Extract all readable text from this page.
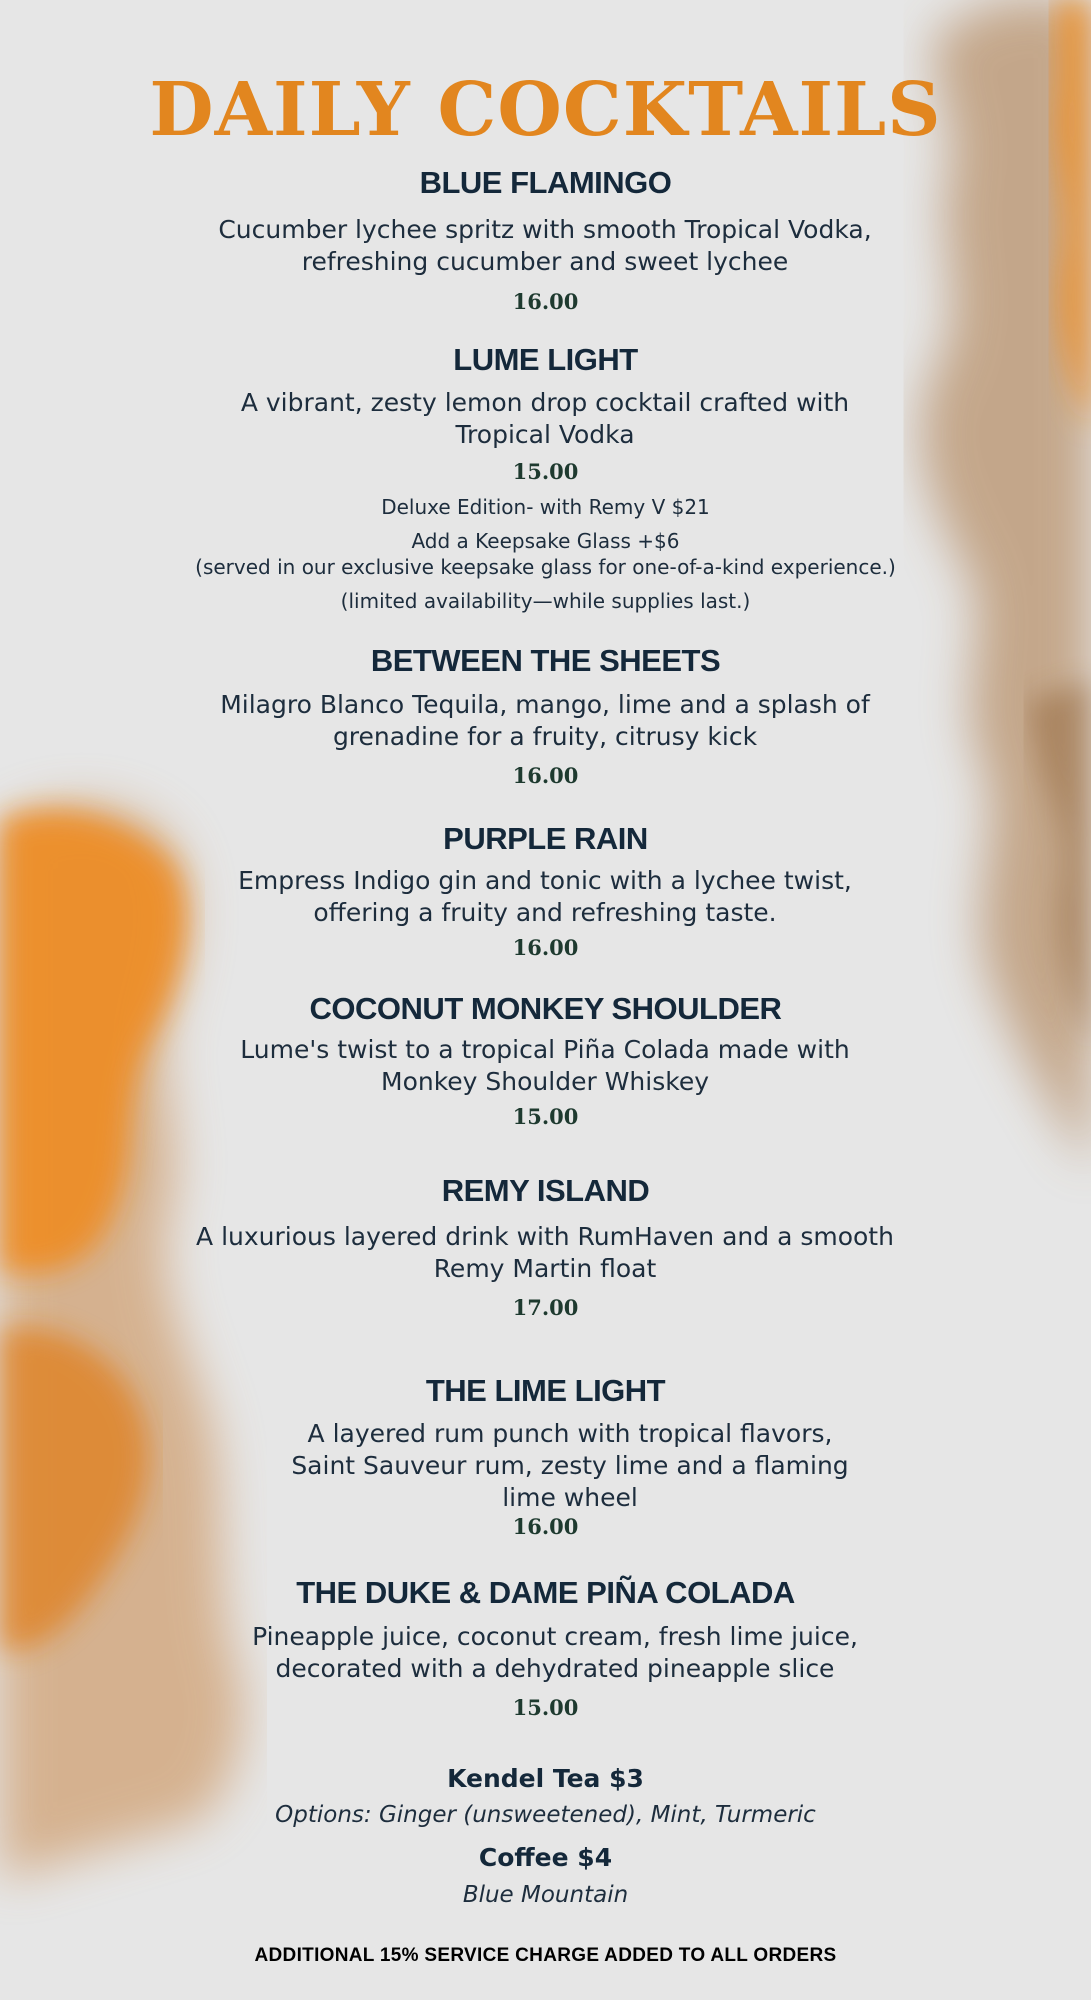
DAILY COCKTAILS
BLUE FLAMINGO
Cucumber lychee spritz with smooth Tropical Vodka, refreshing cucumber and sweet lychee
16.00
LUME LIGHT
A vibrant, zesty lemon drop cocktail crafted with Tropical Vodka
15.00
Deluxe Edition- with Remy V $21
Add a Keepsake Glass +$6
(served in our exclusive keepsake glass for one-of-a-kind experience.)
(limited availability—while supplies last.)
BETWEEN THE SHEETS
Milagro Blanco Tequila, mango, lime and a splash of grenadine for a fruity, citrusy kick
16.00
PURPLE RAIN
Empress Indigo gin and tonic with a lychee twist, offering a fruity and refreshing taste.
16.00
COCONUT MONKEY SHOULDER
Lume's twist to a tropical Piña Colada made with Monkey Shoulder Whiskey
15.00
REMY ISLAND
A luxurious layered drink with RumHaven and a smooth Remy Martin float
17.00
THE LIME LIGHT
A layered rum punch with tropical flavors, Saint Sauveur rum, zesty lime and a flaming lime wheel
16.00
THE DUKE & DAME PIÑA COLADA
Pineapple juice, coconut cream, fresh lime juice, decorated with a dehydrated pineapple slice
15.00
Kendel Tea $3
Options: Ginger (unsweetened), Mint, Turmeric
Coffee $4
Blue Mountain
ADDITIONAL 15% SERVICE CHARGE ADDED TO ALL ORDERS
